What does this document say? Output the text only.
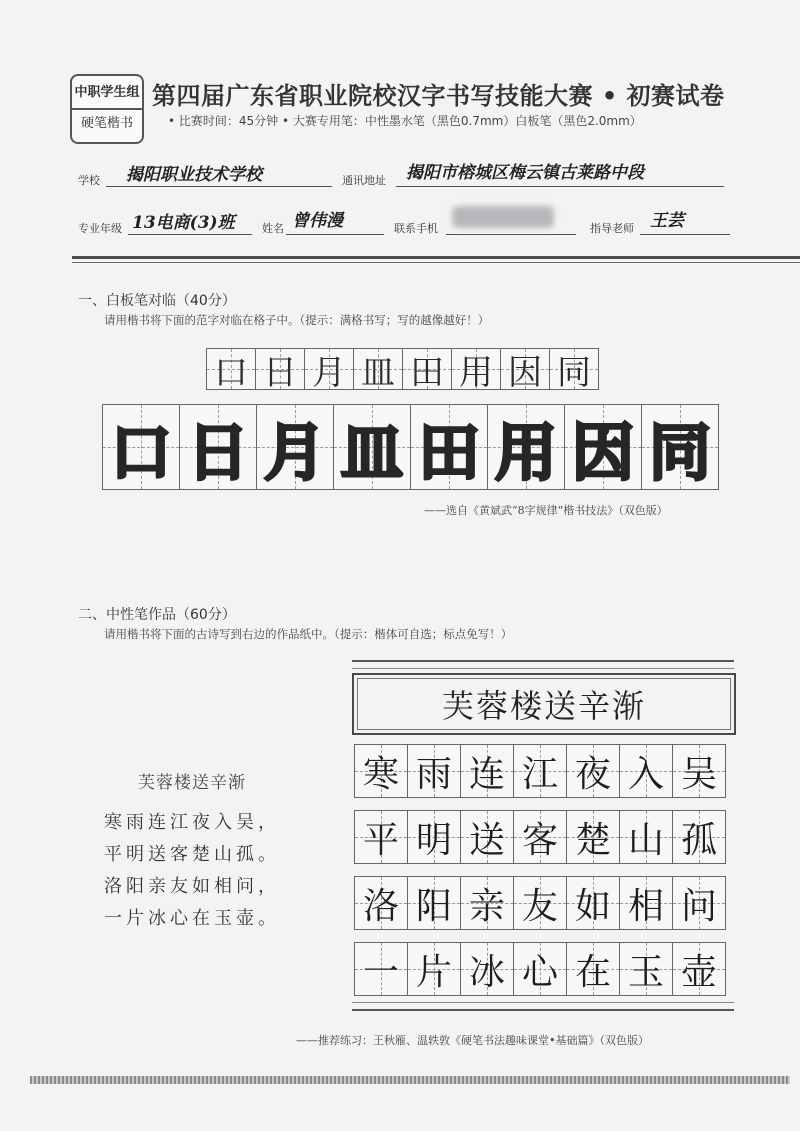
中职学生组
硬笔楷书
第四届广东省职业院校汉字书写技能大赛 • 初赛试卷
• 比赛时间：45分钟 • 大赛专用笔：中性墨水笔（黑色0.7mm）白板笔（黑色2.0mm）
学校 揭阳职业技术学校	通讯地址 揭阳市榕城区梅云镇古莱路中段
专业年级 13电商(3)班 姓名 曾伟漫	联系手机	指导老师 王芸
一、白板笔对临（40分）
请用楷书将下面的范字对临在格子中。（提示：满格书写；写的越像越好！）
口 日 月 皿 田 用 因 同
口 日 月 皿 田 用 因 同
——选自《黄斌武“8字规律”楷书技法》（双色版）
二、中性笔作品（60分）
请用楷书将下面的古诗写到右边的作品纸中。（提示：楷体可自选；标点免写！）
芙蓉楼送辛渐
寒雨连江夜入吴，
平明送客楚山孤。
洛阳亲友如相问，
一片冰心在玉壶。
芙蓉楼送辛渐
寒 雨 连 江 夜 入 吴
平 明 送 客 楚 山 孤
洛 阳 亲 友 如 相 问
一 片 冰 心 在 玉 壶
——推荐练习：王秋雁、温轶敦《硬笔书法趣味课堂•基础篇》（双色版）
